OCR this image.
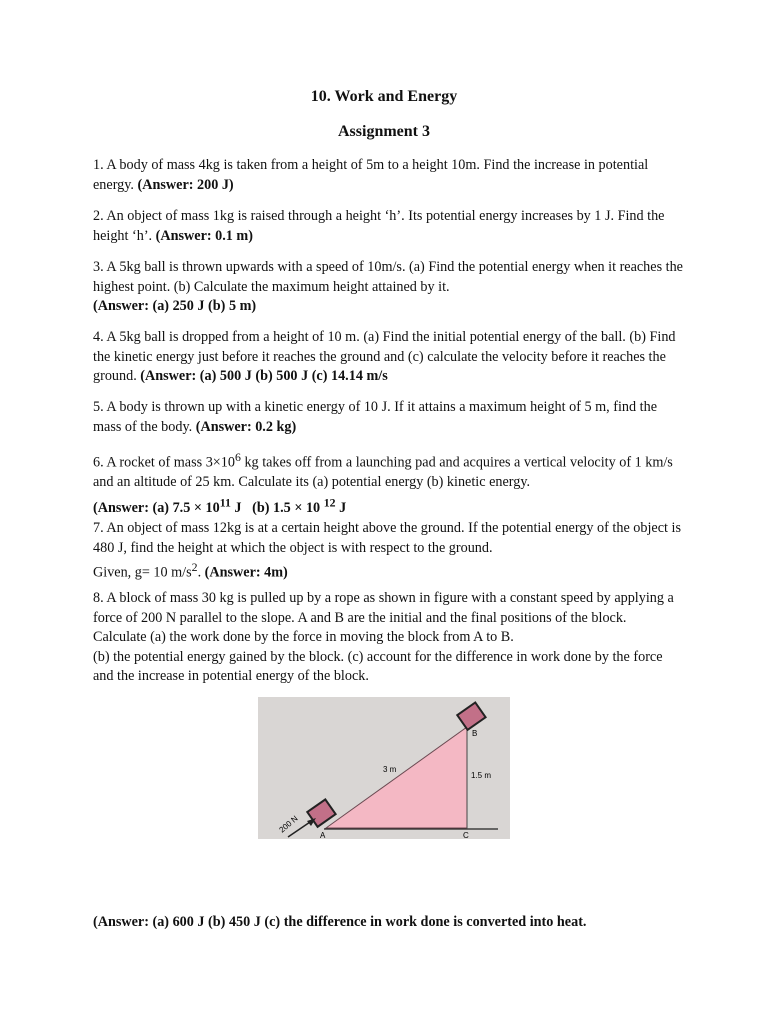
10. Work and Energy
Assignment 3

1. A body of mass 4kg is taken from a height of 5m to a height 10m. Find the increase in potential energy. (Answer: 200 J)

2. An object of mass 1kg is raised through a height ‘h’. Its potential energy increases by 1 J. Find the height ‘h’. (Answer: 0.1 m)

3. A 5kg ball is thrown upwards with a speed of 10m/s. (a) Find the potential energy when it reaches the highest point. (b) Calculate the maximum height attained by it.
(Answer: (a) 250 J (b) 5 m)

4. A 5kg ball is dropped from a height of 10 m. (a) Find the initial potential energy of the ball. (b) Find the kinetic energy just before it reaches the ground and (c) calculate the velocity before it reaches the ground. (Answer: (a) 500 J (b) 500 J (c) 14.14 m/s

5. A body is thrown up with a kinetic energy of 10 J. If it attains a maximum height of 5 m, find the mass of the body. (Answer: 0.2 kg)

6. A rocket of mass $3\times 10^6$ kg takes off from a launching pad and acquires a vertical velocity of 1 km/s and an altitude of 25 km. Calculate its (a) potential energy (b) kinetic energy.
(Answer: (a) $7.5 \times 10^{11}$ J (b) 1.5 × 10 $^{12}$ J

7. An object of mass 12kg is at a certain height above the ground. If the potential energy of the object is 480 J, find the height at which the object is with respect to the ground.
Given, g= 10 $m/s^2$. (Answer: 4m)

8. A block of mass 30 kg is pulled up by a rope as shown in figure with a constant speed by applying a force of 200 N parallel to the slope. A and B are the initial and the final positions of the block. Calculate (a) the work done by the force in moving the block from A to B.
(b) the potential energy gained by the block. (c) account for the difference in work done by the force and the increase in potential energy of the block.

200 N
A
B
C
3 m
1.5 m

(Answer: (a) 600 J (b) 450 J (c) the difference in work done is converted into heat.
